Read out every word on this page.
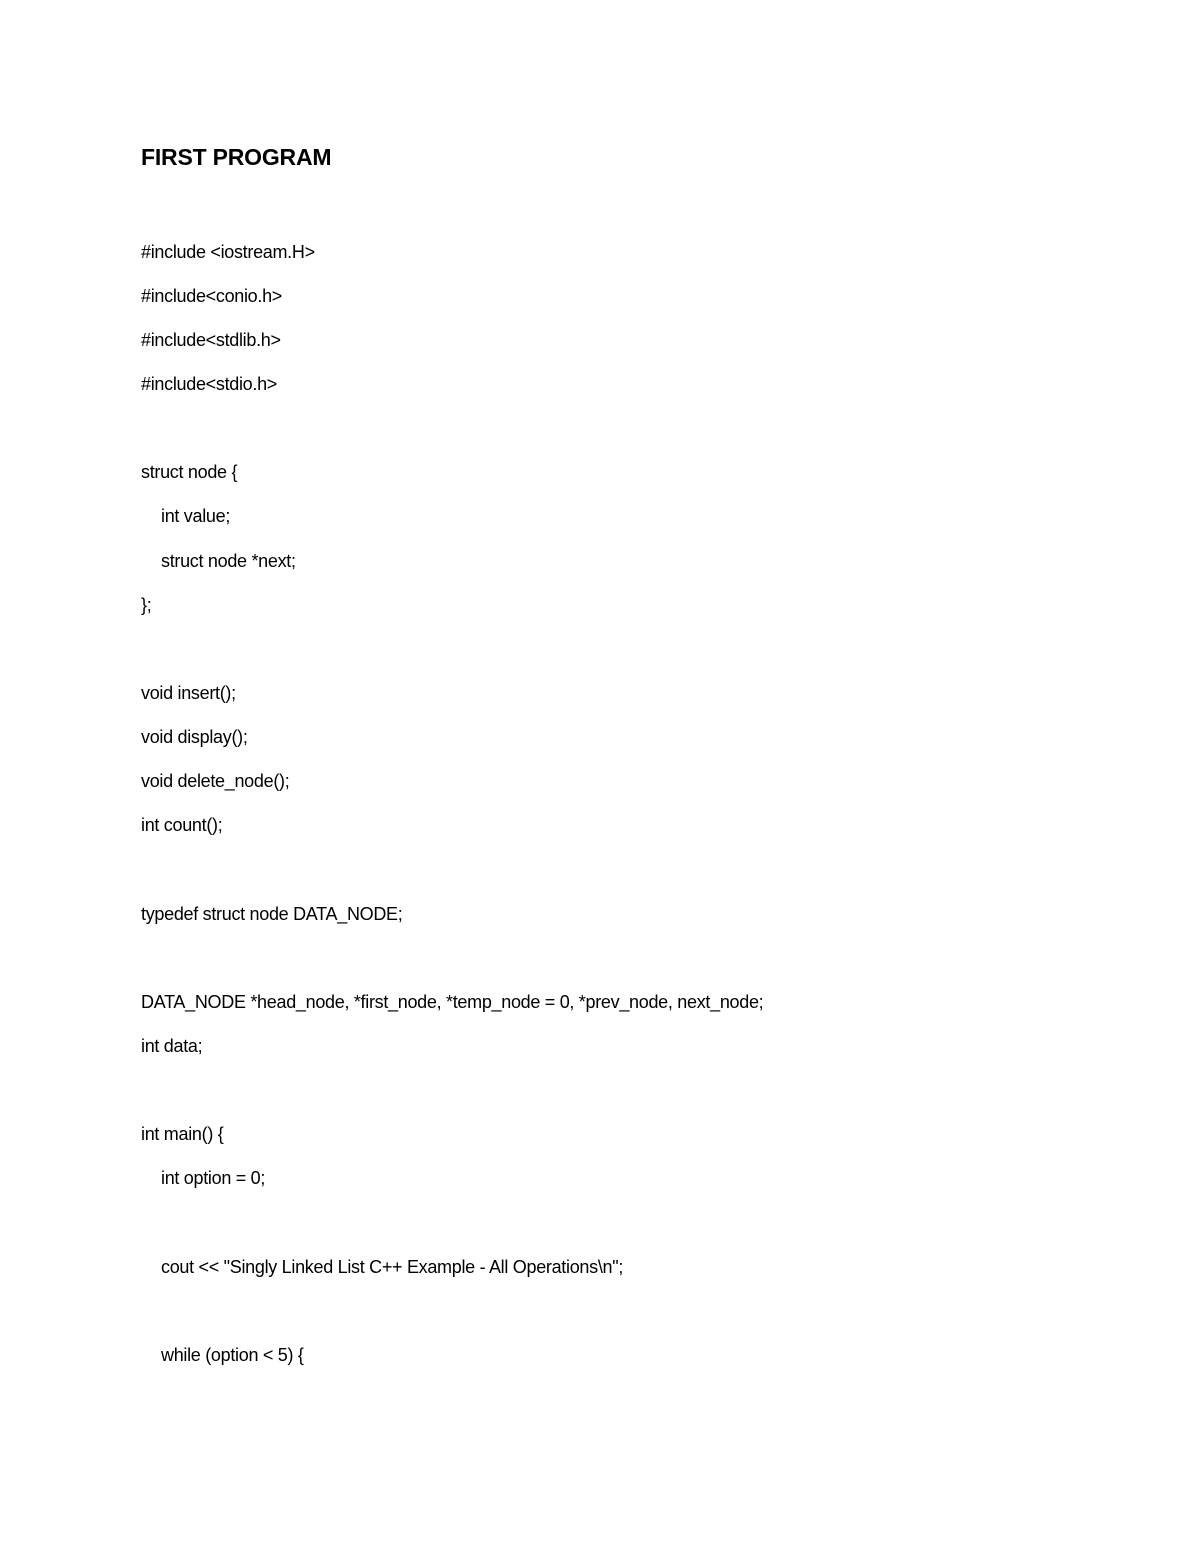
FIRST PROGRAM
#include <iostream.H>
#include<conio.h>
#include<stdlib.h>
#include<stdio.h>
struct node {
int value;
struct node *next;
};
void insert();
void display();
void delete_node();
int count();
typedef struct node DATA_NODE;
DATA_NODE *head_node, *first_node, *temp_node = 0, *prev_node, next_node;
int data;
int main() {
int option = 0;
cout << "Singly Linked List C++ Example - All Operations\n";
while (option < 5) {
